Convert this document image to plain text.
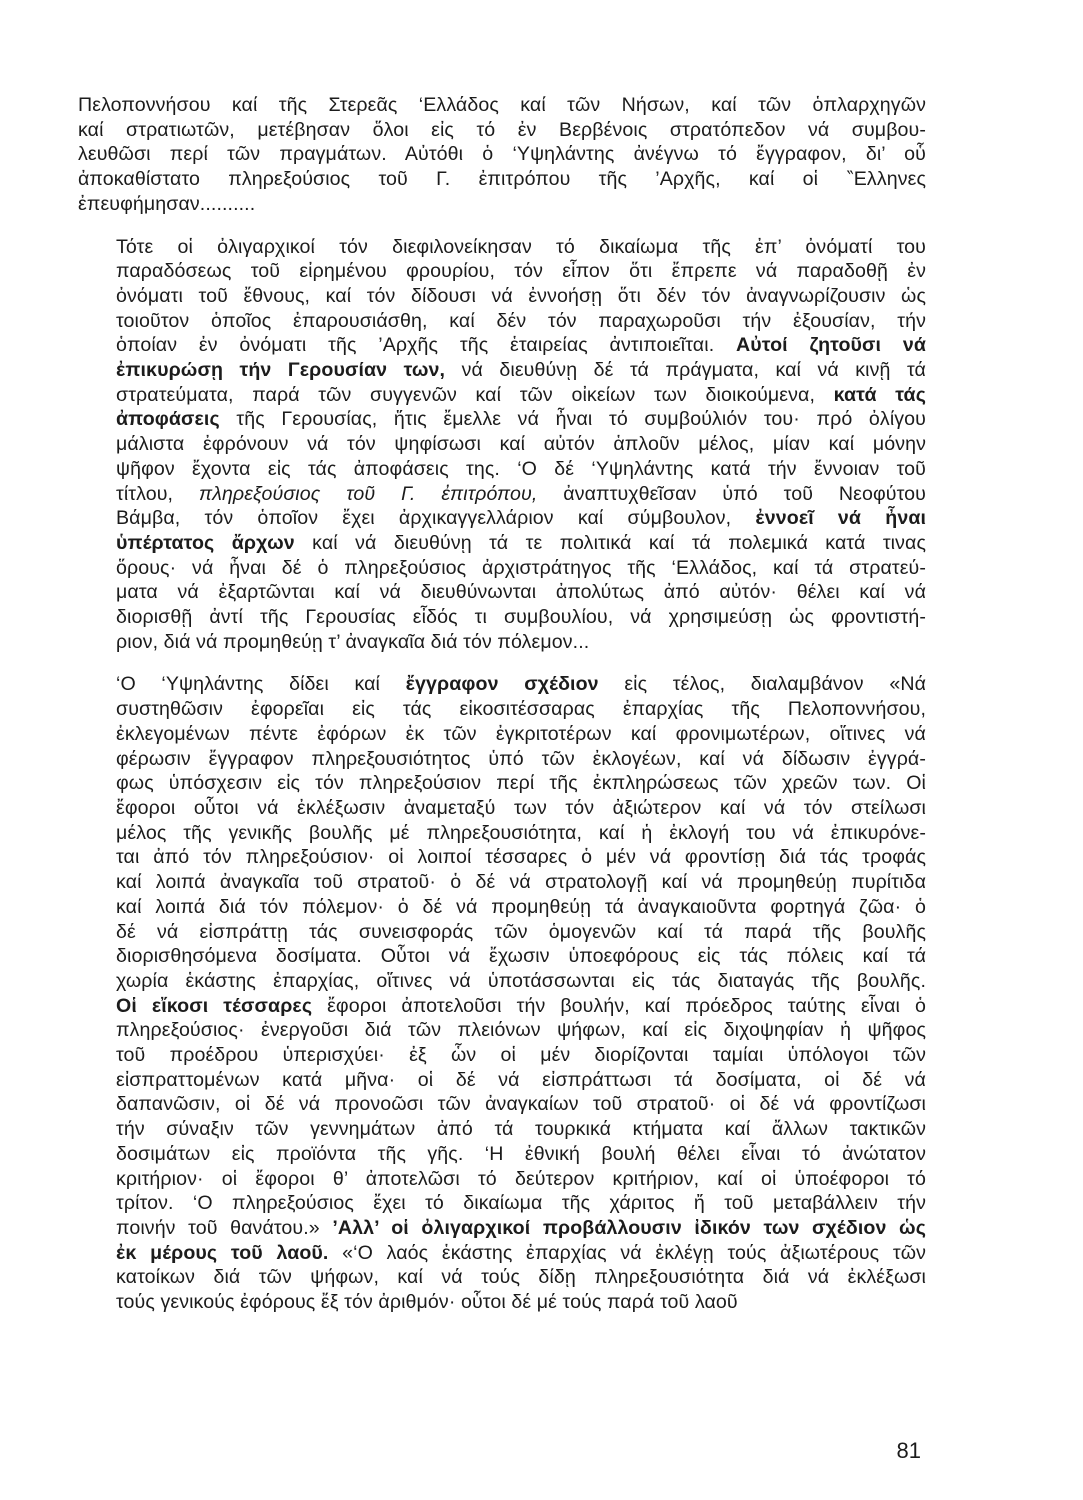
Πελοποννήσου καί τῆς Στερεᾶς ‘Ελλάδος καί τῶν Νήσων, καί τῶν ὁπλαρχηγῶν
καί στρατιωτῶν, μετέβησαν ὅλοι εἰς τό ἐν Βερβένοις στρατόπεδον νά συμβου-
λευθῶσι περί τῶν πραγμάτων. Αὐτόθι ὁ ‘Υψηλάντης ἀνέγνω τό ἔγγραφον, δι’ οὗ
ἀποκαθίστατο πληρεξούσιος τοῦ Γ. ἐπιτρόπου τῆς ’Αρχῆς, καί οἱ ‶Ελληνες
ἐπευφήμησαν..........

Τότε οἱ ὀλιγαρχικοί τόν διεφιλονείκησαν τό δικαίωμα τῆς ἐπ’ ὀνόματί του
παραδόσεως τοῦ εἰρημένου φρουρίου, τόν εἶπον ὅτι ἔπρεπε νά παραδοθῇ ἐν
ὀνόματι τοῦ ἔθνους, καί τόν δίδουσι νά ἐννοήσῃ ὅτι δέν τόν ἀναγνωρίζουσιν ὡς
τοιοῦτον ὁποῖος ἐπαρουσιάσθη, καί δέν τόν παραχωροῦσι τήν ἐξουσίαν, τήν
ὁποίαν ἐν ὀνόματι τῆς ’Αρχῆς τῆς ἑταιρείας ἀντιποιεῖται. Αὐτοί ζητοῦσι νά
ἐπικυρώσῃ τήν Γερουσίαν των, νά διευθύνῃ δέ τά πράγματα, καί νά κινῇ τά
στρατεύματα, παρά τῶν συγγενῶν καί τῶν οἰκείων των διοικούμενα, κατά τάς
ἀποφάσεις τῆς Γερουσίας, ἥτις ἔμελλε νά ἦναι τό συμβούλιόν του· πρό ὀλίγου
μάλιστα ἐφρόνουν νά τόν ψηφίσωσι καί αὐτόν ἁπλοῦν μέλος, μίαν καί μόνην
ψῆφον ἔχοντα εἰς τάς ἀποφάσεις της. ‘Ο δέ ‘Υψηλάντης κατά τήν ἔννοιαν τοῦ
τίτλου, πληρεξούσιος τοῦ Γ. ἐπιτρόπου, ἀναπτυχθεῖσαν ὑπό τοῦ Νεοφύτου
Βάμβα, τόν ὁποῖον ἔχει ἀρχικαγγελλάριον καί σύμβουλον, ἐννοεῖ νά ἦναι
ὑπέρτατος ἄρχων καί νά διευθύνῃ τά τε πολιτικά καί τά πολεμικά κατά τινας
ὅρους· νά ἦναι δέ ὁ πληρεξούσιος ἀρχιστράτηγος τῆς ‘Ελλάδος, καί τά στρατεύ-
ματα νά ἐξαρτῶνται καί νά διευθύνωνται ἀπολύτως ἀπό αὐτόν· θέλει καί νά
διορισθῇ ἀντί τῆς Γερουσίας εἶδός τι συμβουλίου, νά χρησιμεύσῃ ὡς φροντιστή-
ριον, διά νά προμηθεύῃ τ’ ἀναγκαῖα διά τόν πόλεμον...

‘Ο ‘Υψηλάντης δίδει καί ἔγγραφον σχέδιον εἰς τέλος, διαλαμβάνον «Νά
συστηθῶσιν ἐφορεῖαι εἰς τάς εἰκοσιτέσσαρας ἐπαρχίας τῆς Πελοποννήσου,
ἐκλεγομένων πέντε ἐφόρων ἐκ τῶν ἐγκριτοτέρων καί φρονιμωτέρων, οἵτινες νά
φέρωσιν ἔγγραφον πληρεξουσιότητος ὑπό τῶν ἐκλογέων, καί νά δίδωσιν ἐγγρά-
φως ὑπόσχεσιν εἰς τόν πληρεξούσιον περί τῆς ἐκπληρώσεως τῶν χρεῶν των. Οἱ
ἔφοροι οὗτοι νά ἐκλέξωσιν ἀναμεταξύ των τόν ἀξιώτερον καί νά τόν στείλωσι
μέλος τῆς γενικῆς βουλῆς μέ πληρεξουσιότητα, καί ἡ ἐκλογή του νά ἐπικυρόνε-
ται ἀπό τόν πληρεξούσιον· οἱ λοιποί τέσσαρες ὁ μέν νά φροντίσῃ διά τάς τροφάς
καί λοιπά ἀναγκαῖα τοῦ στρατοῦ· ὁ δέ νά στρατολογῇ καί νά προμηθεύῃ πυρίτιδα
καί λοιπά διά τόν πόλεμον· ὁ δέ νά προμηθεύῃ τά ἀναγκαιοῦντα φορτηγά ζῶα· ὁ
δέ νά εἰσπράττῃ τάς συνεισφοράς τῶν ὁμογενῶν καί τά παρά τῆς βουλῆς
διορισθησόμενα δοσίματα. Οὗτοι νά ἔχωσιν ὑποεφόρους εἰς τάς πόλεις καί τά
χωρία ἑκάστης ἐπαρχίας, οἵτινες νά ὑποτάσσωνται εἰς τάς διαταγάς τῆς βουλῆς.
Οἱ εἴκοσι τέσσαρες ἔφοροι ἀποτελοῦσι τήν βουλήν, καί πρόεδρος ταύτης εἶναι ὁ
πληρεξούσιος· ἐνεργοῦσι διά τῶν πλειόνων ψήφων, καί εἰς διχοψηφίαν ἡ ψῆφος
τοῦ προέδρου ὑπερισχύει· ἐξ ὧν οἱ μέν διορίζονται ταμίαι ὑπόλογοι τῶν
εἰσπραττομένων κατά μῆνα· οἱ δέ νά εἰσπράττωσι τά δοσίματα, οἱ δέ νά
δαπανῶσιν, οἱ δέ νά προνοῶσι τῶν ἀναγκαίων τοῦ στρατοῦ· οἱ δέ νά φροντίζωσι
τήν σύναξιν τῶν γεννημάτων ἀπό τά τουρκικά κτήματα καί ἄλλων τακτικῶν
δοσιμάτων εἰς προϊόντα τῆς γῆς. ‘Η ἐθνική βουλή θέλει εἶναι τό ἀνώτατον
κριτήριον· οἱ ἔφοροι θ’ ἀποτελῶσι τό δεύτερον κριτήριον, καί οἱ ὑποέφοροι τό
τρίτον. ‘Ο πληρεξούσιος ἔχει τό δικαίωμα τῆς χάριτος ἤ τοῦ μεταβάλλειν τήν
ποινήν τοῦ θανάτου.» ’Αλλ’ οἱ ὀλιγαρχικοί προβάλλουσιν ἰδικόν των σχέδιον ὡς
ἐκ μέρους τοῦ λαοῦ. «‘Ο λαός ἑκάστης ἐπαρχίας νά ἐκλέγῃ τούς ἀξιωτέρους τῶν
κατοίκων διά τῶν ψήφων, καί νά τούς δίδῃ πληρεξουσιότητα διά νά ἐκλέξωσι
τούς γενικούς ἐφόρους ἔξ τόν ἀριθμόν· οὗτοι δέ μέ τούς παρά τοῦ λαοῦ

81
